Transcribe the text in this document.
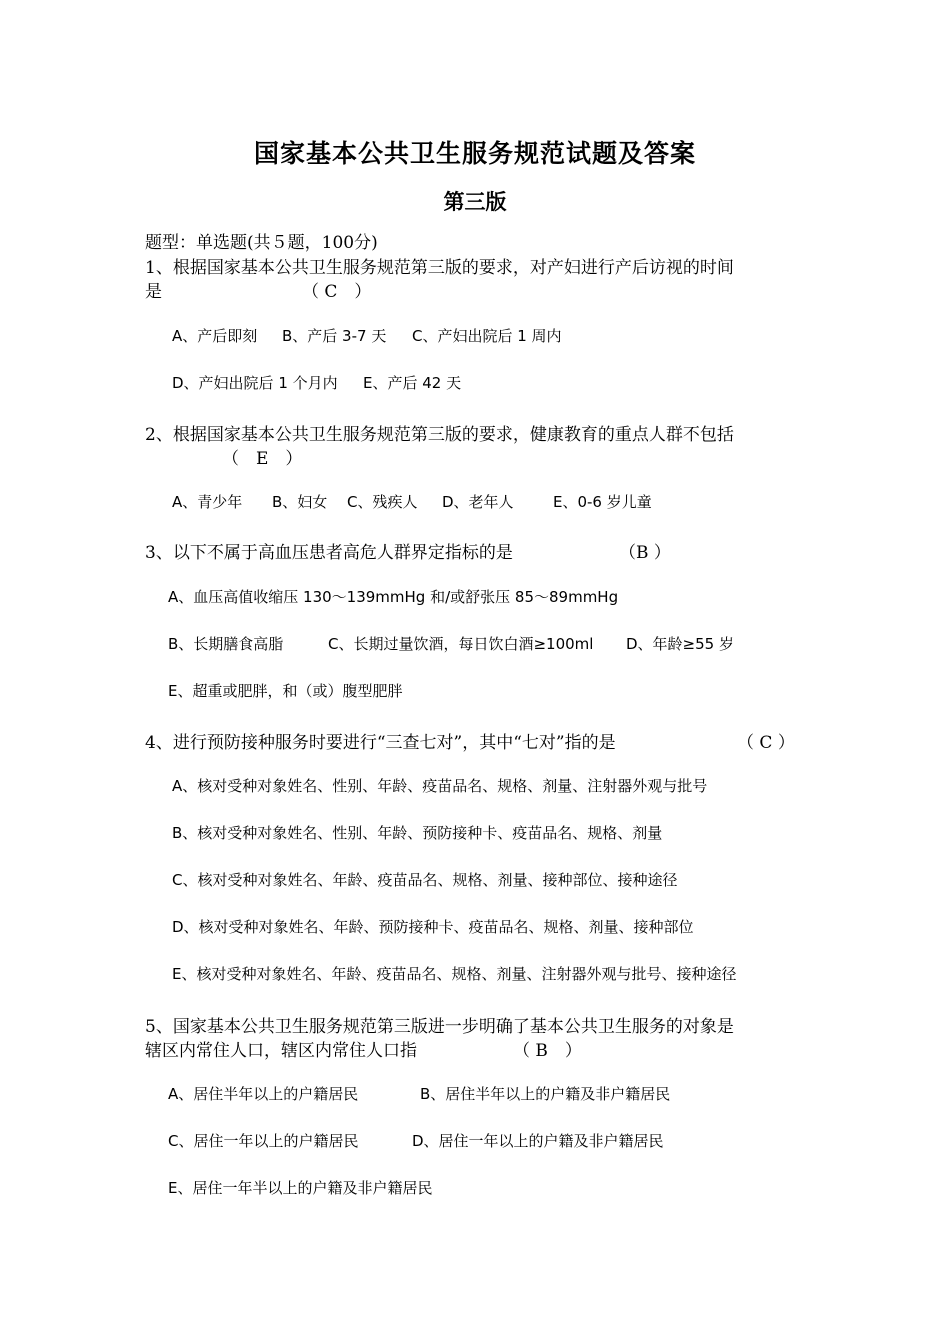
国家基本公共卫生服务规范试题及答案
第三版
题型：单选题(共５题，100分)
1、根据国家基本公共卫生服务规范第三版的要求，对产妇进行产后访视的时间
是	（ C　）
A、产后即刻 B、产后 3-7 天 C、产妇出院后 1 周内
D、产妇出院后 1 个月内 E、产后 42 天
2、根据国家基本公共卫生服务规范第三版的要求，健康教育的重点人群不包括
（　E　）
A、青少年 B、妇女 C、残疾人 D、老年人	E、0-6 岁儿童
3、以下不属于高血压患者高危人群界定指标的是	（B ）
A、血压高值收缩压 130～139mmHg 和/或舒张压 85～89mmHg
B、长期膳食高脂	C、长期过量饮酒，每日饮白酒≥100ml D、年龄≥55 岁
E、超重或肥胖，和（或）腹型肥胖
4、进行预防接种服务时要进行“三查七对”，其中“七对”指的是	（ C ）
A、核对受种对象姓名、性别、年龄、疫苗品名、规格、剂量、注射器外观与批号
B、核对受种对象姓名、性别、年龄、预防接种卡、疫苗品名、规格、剂量
C、核对受种对象姓名、年龄、疫苗品名、规格、剂量、接种部位、接种途径
D、核对受种对象姓名、年龄、预防接种卡、疫苗品名、规格、剂量、接种部位
E、核对受种对象姓名、年龄、疫苗品名、规格、剂量、注射器外观与批号、接种途径
5、国家基本公共卫生服务规范第三版进一步明确了基本公共卫生服务的对象是
辖区内常住人口，辖区内常住人口指	（ B　）
A、居住半年以上的户籍居民	B、居住半年以上的户籍及非户籍居民
C、居住一年以上的户籍居民	D、居住一年以上的户籍及非户籍居民
E、居住一年半以上的户籍及非户籍居民
